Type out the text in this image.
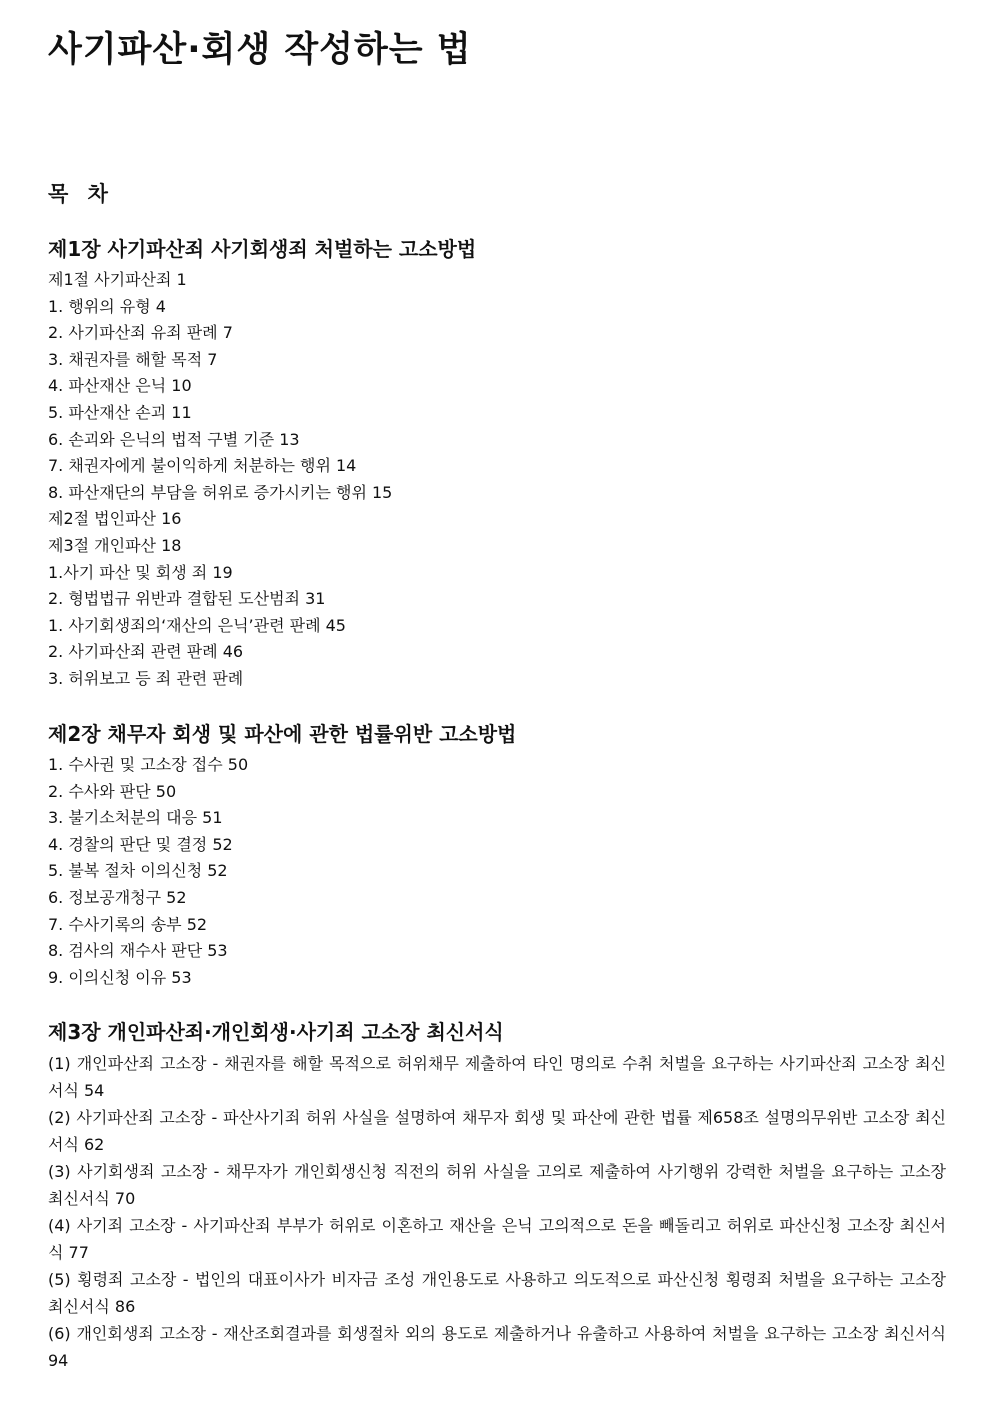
사기파산·회생 작성하는 법
목 차
제1장 사기파산죄 사기회생죄 처벌하는 고소방법
제1절 사기파산죄 1
1. 행위의 유형 4
2. 사기파산죄 유죄 판례 7
3. 채권자를 해할 목적 7
4. 파산재산 은닉 10
5. 파산재산 손괴 11
6. 손괴와 은닉의 법적 구별 기준 13
7. 채권자에게 불이익하게 처분하는 행위 14
8. 파산재단의 부담을 허위로 증가시키는 행위 15
제2절 법인파산 16
제3절 개인파산 18
1.사기 파산 및 회생 죄 19
2. 형법법규 위반과 결합된 도산범죄 31
1. 사기회생죄의‘재산의 은닉’관련 판례 45
2. 사기파산죄 관련 판례 46
3. 허위보고 등 죄 관련 판례
제2장 채무자 회생 및 파산에 관한 법률위반 고소방법
1. 수사권 및 고소장 접수 50
2. 수사와 판단 50
3. 불기소처분의 대응 51
4. 경찰의 판단 및 결정 52
5. 불복 절차 이의신청 52
6. 정보공개청구 52
7. 수사기록의 송부 52
8. 검사의 재수사 판단 53
9. 이의신청 이유 53
제3장 개인파산죄·개인회생·사기죄 고소장 최신서식
(1) 개인파산죄 고소장 - 채권자를 해할 목적으로 허위채무 제출하여 타인 명의로 수취 처벌을 요구하는 사기파산죄 고소장 최신서식 54
(2) 사기파산죄 고소장 - 파산사기죄 허위 사실을 설명하여 채무자 회생 및 파산에 관한 법률 제658조 설명의무위반 고소장 최신서식 62
(3) 사기회생죄 고소장 - 채무자가 개인회생신청 직전의 허위 사실을 고의로 제출하여 사기행위 강력한 처벌을 요구하는 고소장 최신서식 70
(4) 사기죄 고소장 - 사기파산죄 부부가 허위로 이혼하고 재산을 은닉 고의적으로 돈을 빼돌리고 허위로 파산신청 고소장 최신서식 77
(5) 횡령죄 고소장 - 법인의 대표이사가 비자금 조성 개인용도로 사용하고 의도적으로 파산신청 횡령죄 처벌을 요구하는 고소장 최신서식 86
(6) 개인회생죄 고소장 - 재산조회결과를 회생절차 외의 용도로 제출하거나 유출하고 사용하여 처벌을 요구하는 고소장 최신서식 94
